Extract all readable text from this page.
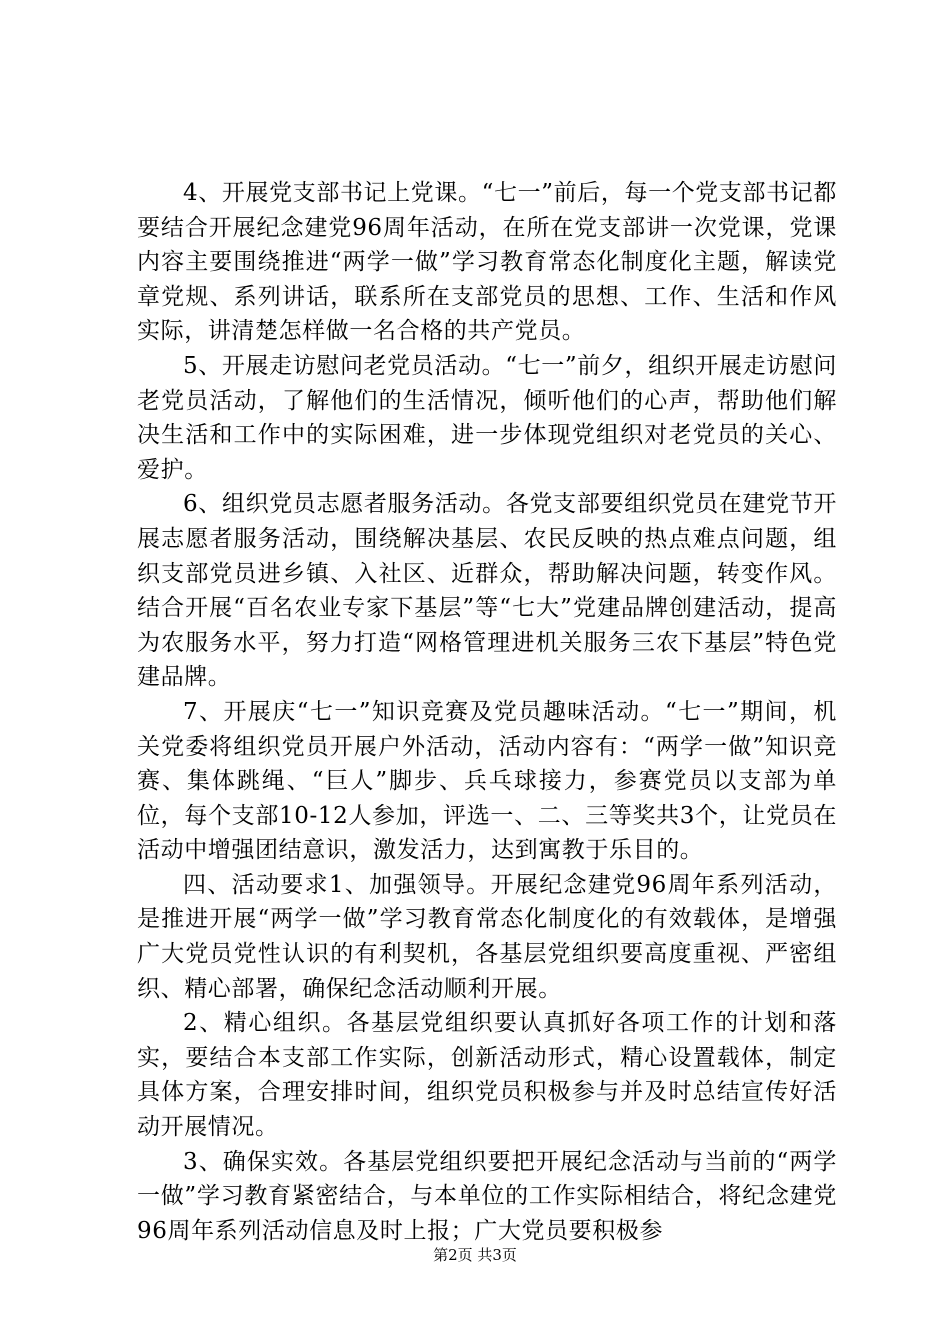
4、开展党支部书记上党课。“七一”前后，每一个党支部书记都要结合开展纪念建党96周年活动，在所在党支部讲一次党课，党课内容主要围绕推进“两学一做”学习教育常态化制度化主题，解读党章党规、系列讲话，联系所在支部党员的思想、工作、生活和作风实际，讲清楚怎样做一名合格的共产党员。

5、开展走访慰问老党员活动。“七一”前夕，组织开展走访慰问老党员活动，了解他们的生活情况，倾听他们的心声，帮助他们解决生活和工作中的实际困难，进一步体现党组织对老党员的关心、爱护。

6、组织党员志愿者服务活动。各党支部要组织党员在建党节开展志愿者服务活动，围绕解决基层、农民反映的热点难点问题，组织支部党员进乡镇、入社区、近群众，帮助解决问题，转变作风。结合开展“百名农业专家下基层”等“七大”党建品牌创建活动，提高为农服务水平，努力打造“网格管理进机关服务三农下基层”特色党建品牌。

7、开展庆“七一”知识竞赛及党员趣味活动。“七一”期间，机关党委将组织党员开展户外活动，活动内容有：“两学一做”知识竞赛、集体跳绳、“巨人”脚步、兵乓球接力，参赛党员以支部为单位，每个支部10-12人参加，评选一、二、三等奖共3个，让党员在活动中增强团结意识，激发活力，达到寓教于乐目的。

四、活动要求1、加强领导。开展纪念建党96周年系列活动，是推进开展“两学一做”学习教育常态化制度化的有效载体，是增强广大党员党性认识的有利契机，各基层党组织要高度重视、严密组织、精心部署，确保纪念活动顺利开展。

2、精心组织。各基层党组织要认真抓好各项工作的计划和落实，要结合本支部工作实际，创新活动形式，精心设置载体，制定具体方案，合理安排时间，组织党员积极参与并及时总结宣传好活动开展情况。

3、确保实效。各基层党组织要把开展纪念活动与当前的“两学一做”学习教育紧密结合，与本单位的工作实际相结合，将纪念建党96周年系列活动信息及时上报；广大党员要积极参

第2页 共3页
